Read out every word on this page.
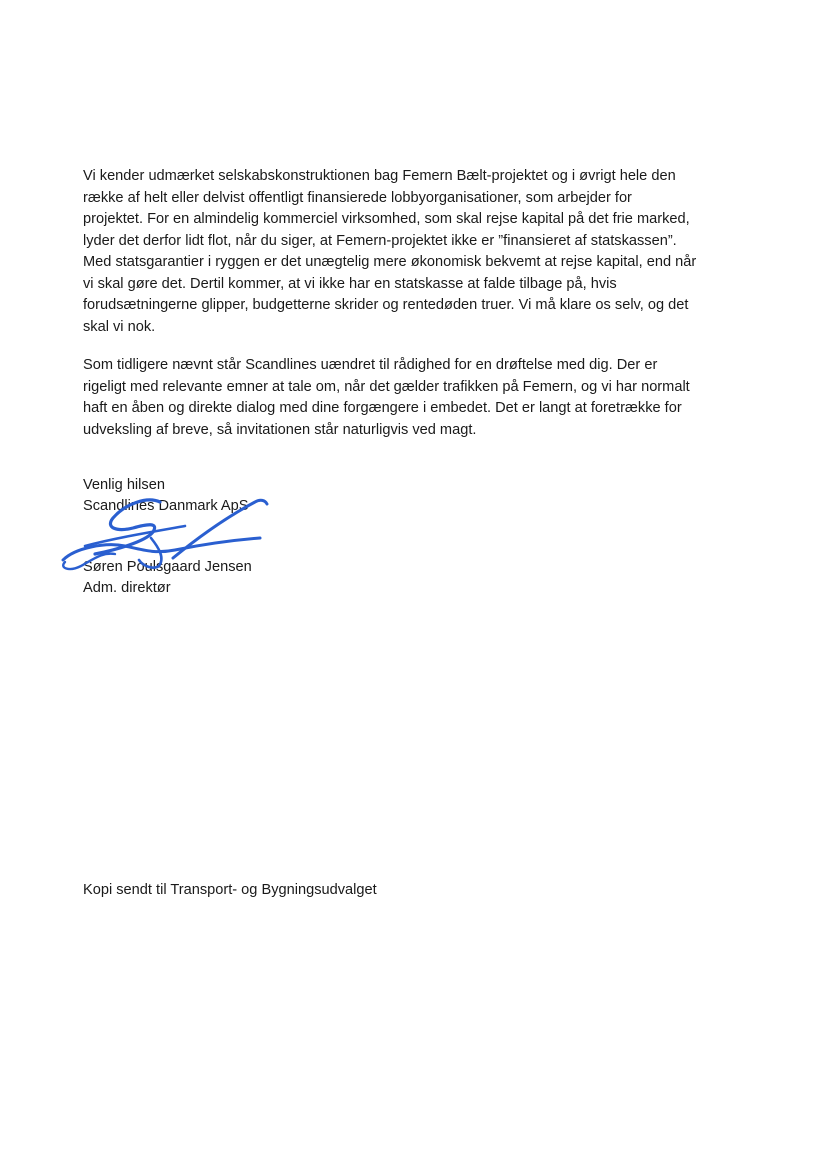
Vi kender udmærket selskabskonstruktionen bag Femern Bælt-projektet og i øvrigt hele den
række af helt eller delvist offentligt finansierede lobbyorganisationer, som arbejder for
projektet. For en almindelig kommerciel virksomhed, som skal rejse kapital på det frie marked,
lyder det derfor lidt flot, når du siger, at Femern-projektet ikke er ”finansieret af statskassen”.
Med statsgarantier i ryggen er det unægtelig mere økonomisk bekvemt at rejse kapital, end når
vi skal gøre det. Dertil kommer, at vi ikke har en statskasse at falde tilbage på, hvis
forudsætningerne glipper, budgetterne skrider og rentedøden truer. Vi må klare os selv, og det
skal vi nok.

Som tidligere nævnt står Scandlines uændret til rådighed for en drøftelse med dig. Der er
rigeligt med relevante emner at tale om, når det gælder trafikken på Femern, og vi har normalt
haft en åben og direkte dialog med dine forgængere i embedet. Det er langt at foretrække for
udveksling af breve, så invitationen står naturligvis ved magt.

Venlig hilsen
Scandlines Danmark ApS
Søren Poulsgaard Jensen
Adm. direktør
Kopi sendt til Transport- og Bygningsudvalget
